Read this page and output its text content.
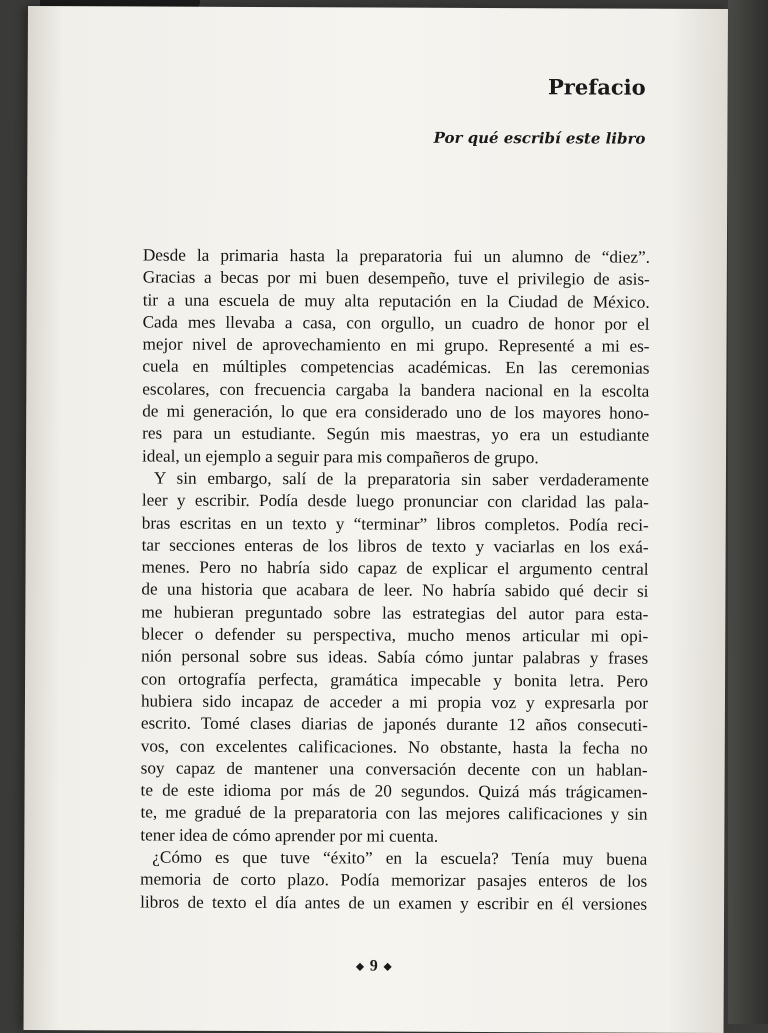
Prefacio
Por qué escribí este libro
Desde la primaria hasta la preparatoria fui un alumno de “diez”.
Gracias a becas por mi buen desempeño, tuve el privilegio de asis-
tir a una escuela de muy alta reputación en la Ciudad de México.
Cada mes llevaba a casa, con orgullo, un cuadro de honor por el
mejor nivel de aprovechamiento en mi grupo. Representé a mi es-
cuela en múltiples competencias académicas. En las ceremonias
escolares, con frecuencia cargaba la bandera nacional en la escolta
de mi generación, lo que era considerado uno de los mayores hono-
res para un estudiante. Según mis maestras, yo era un estudiante
ideal, un ejemplo a seguir para mis compañeros de grupo.
Y sin embargo, salí de la preparatoria sin saber verdaderamente
leer y escribir. Podía desde luego pronunciar con claridad las pala-
bras escritas en un texto y “terminar” libros completos. Podía reci-
tar secciones enteras de los libros de texto y vaciarlas en los exá-
menes. Pero no habría sido capaz de explicar el argumento central
de una historia que acabara de leer. No habría sabido qué decir si
me hubieran preguntado sobre las estrategias del autor para esta-
blecer o defender su perspectiva, mucho menos articular mi opi-
nión personal sobre sus ideas. Sabía cómo juntar palabras y frases
con ortografía perfecta, gramática impecable y bonita letra. Pero
hubiera sido incapaz de acceder a mi propia voz y expresarla por
escrito. Tomé clases diarias de japonés durante 12 años consecuti-
vos, con excelentes calificaciones. No obstante, hasta la fecha no
soy capaz de mantener una conversación decente con un hablan-
te de este idioma por más de 20 segundos. Quizá más trágicamen-
te, me gradué de la preparatoria con las mejores calificaciones y sin
tener idea de cómo aprender por mi cuenta.
¿Cómo es que tuve “éxito” en la escuela? Tenía muy buena
memoria de corto plazo. Podía memorizar pasajes enteros de los
libros de texto el día antes de un examen y escribir en él versiones
◆ 9 ◆
